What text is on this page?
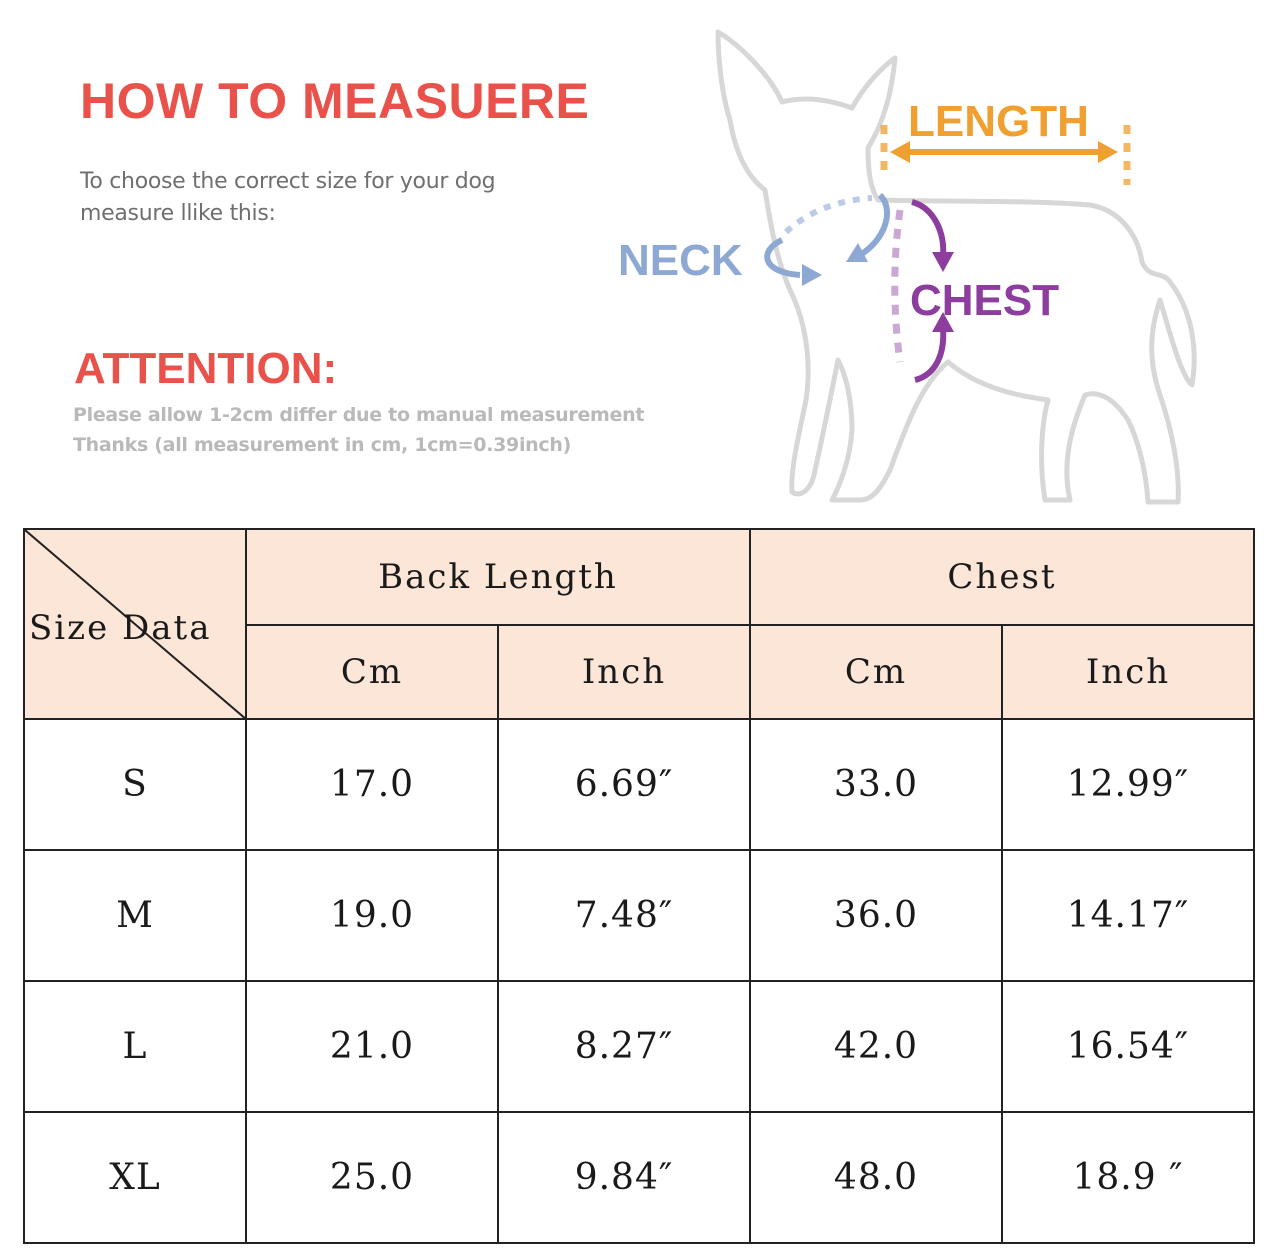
HOW TO MEASUERE
To choose the correct size for your dog
measure llike this:
ATTENTION:
Please allow 1-2cm differ due to manual measurement
Thanks (all measurement in cm, 1cm=0.39inch)
LENGTH
NECK
CHEST
Size Data	Back Length		Chest	
	Cm	Inch	Cm	Inch
S	17.0	6.69″	33.0	12.99″
M	19.0	7.48″	36.0	14.17″
L	21.0	8.27″	42.0	16.54″
XL	25.0	9.84″	48.0	18.9 ″
